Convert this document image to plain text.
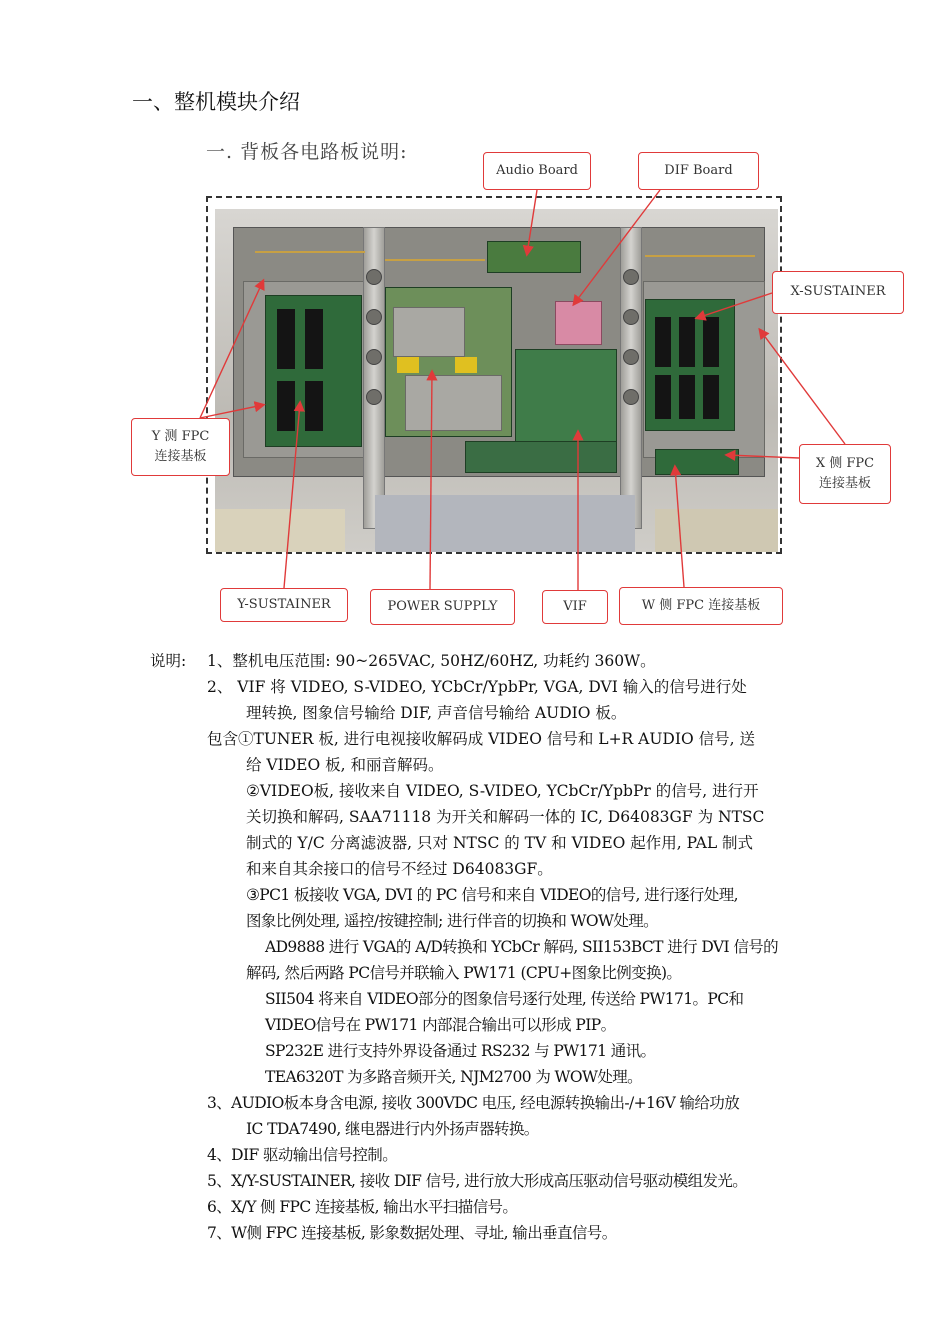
一、整机模块介绍
一. 背板各电路板说明:
Audio Board	DIF Board
X-SUSTAINER
Y 测 FPC
连接基板	X 侧 FPC
连接基板
Y-SUSTAINER	POWER SUPPLY	VIF	W 侧 FPC 连接基板
说明: 1、整机电压范围: 90~265VAC, 50HZ/60HZ, 功耗约 360W。
2、 VIF 将 VIDEO, S-VIDEO, YCbCr/YpbPr, VGA, DVI 输入的信号进行处
理转换, 图象信号输给 DIF, 声音信号输给 AUDIO 板。
包含①TUNER 板, 进行电视接收解码成 VIDEO 信号和 L+R AUDIO 信号, 送
给 VIDEO 板, 和丽音解码。
②VIDEO板, 接收来自 VIDEO, S-VIDEO, YCbCr/YpbPr 的信号, 进行开
关切换和解码, SAA71118 为开关和解码一体的 IC, D64083GF 为 NTSC
制式的 Y/C 分离滤波器, 只对 NTSC 的 TV 和 VIDEO 起作用, PAL 制式
和来自其余接口的信号不经过 D64083GF。
③PC1 板接收 VGA, DVI 的 PC 信号和来自 VIDEO的信号, 进行逐行处理,
图象比例处理, 遥控/按键控制; 进行伴音的切换和 WOW处理。
AD9888 进行 VGA的 A/D转换和 YCbCr 解码, SII153BCT 进行 DVI 信号的
解码, 然后两路 PC信号并联输入 PW171 (CPU+图象比例变换)。
SII504 将来自 VIDEO部分的图象信号逐行处理, 传送给 PW171。PC和
VIDEO信号在 PW171 内部混合输出可以形成 PIP。
SP232E 进行支持外界设备通过 RS232 与 PW171 通讯。
TEA6320T 为多路音频开关, NJM2700 为 WOW处理。
3、AUDIO板本身含电源, 接收 300VDC 电压, 经电源转换输出-/+16V 输给功放
IC TDA7490, 继电器进行内外扬声器转换。
4、DIF 驱动输出信号控制。
5、X/Y-SUSTAINER, 接收 DIF 信号, 进行放大形成高压驱动信号驱动模组发光。
6、X/Y 侧 FPC 连接基板, 输出水平扫描信号。
7、W侧 FPC 连接基板, 影象数据处理、寻址, 输出垂直信号。
